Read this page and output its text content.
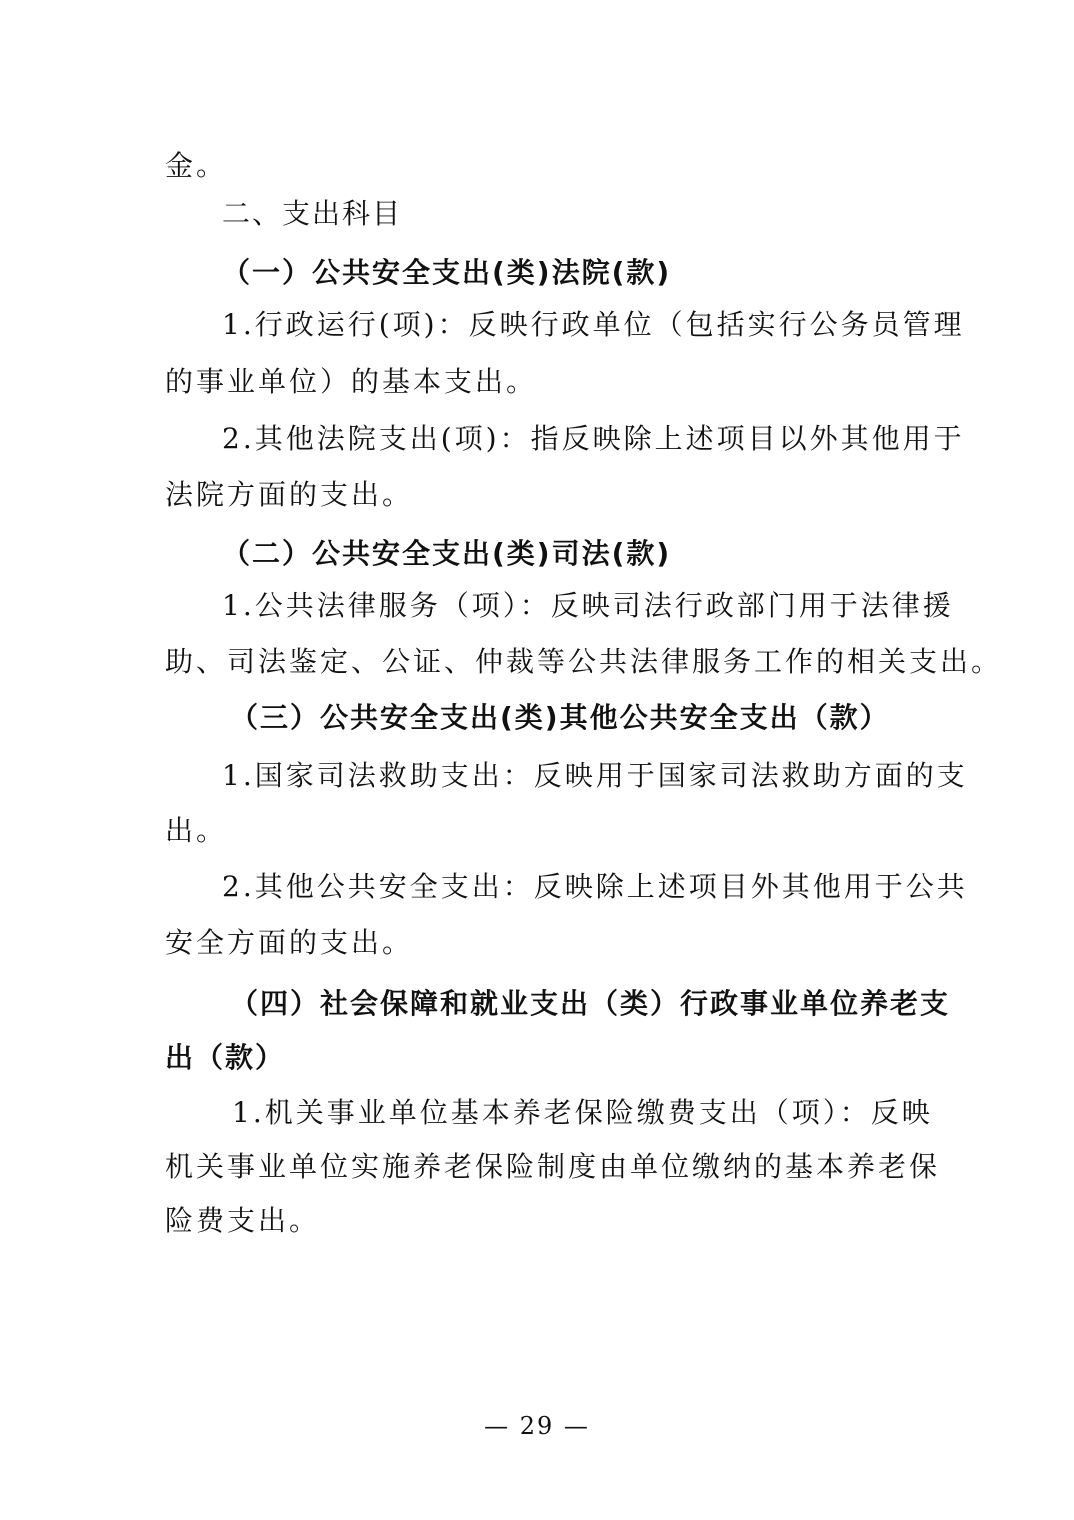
金。
二、支出科目
（一）公共安全支出(类)法院(款)
1.行政运行(项)：反映行政单位（包括实行公务员管理
的事业单位）的基本支出。
2.其他法院支出(项)：指反映除上述项目以外其他用于
法院方面的支出。
（二）公共安全支出(类)司法(款)
1.公共法律服务（项）：反映司法行政部门用于法律援
助、司法鉴定、公证、仲裁等公共法律服务工作的相关支出。
（三）公共安全支出(类)其他公共安全支出（款）
1.国家司法救助支出：反映用于国家司法救助方面的支
出。
2.其他公共安全支出：反映除上述项目外其他用于公共
安全方面的支出。
（四）社会保障和就业支出（类）行政事业单位养老支
出（款）
1.机关事业单位基本养老保险缴费支出（项）：反映
机关事业单位实施养老保险制度由单位缴纳的基本养老保
险费支出。
— 29 —
